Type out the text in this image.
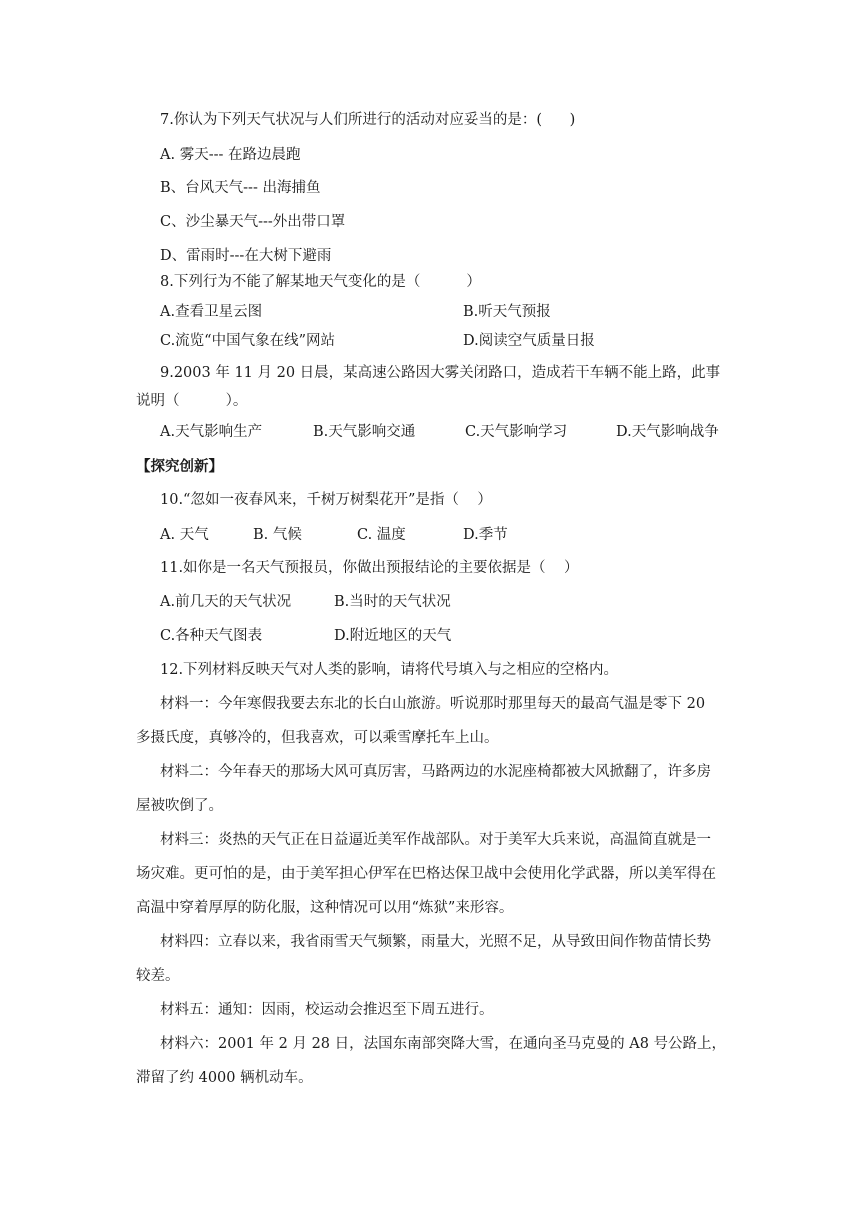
7.你认为下列天气状况与人们所进行的活动对应妥当的是：(      )
A. 雾天--- 在路边晨跑
B、台风天气--- 出海捕鱼
C、沙尘暴天气---外出带口罩
D、雷雨时---在大树下避雨
8.下列行为不能了解某地天气变化的是（          ）
A.查看卫星云图	B.听天气预报
C.流览“中国气象在线”网站	D.阅读空气质量日报
9.2003 年 11 月 20 日晨，某高速公路因大雾关闭路口，造成若干车辆不能上路，此事
说明（          ）。
A.天气影响生产	B.天气影响交通	C.天气影响学习	D.天气影响战争
【探究创新】
10.“忽如一夜春风来，千树万树梨花开”是指（    ）
A. 天气	B. 气候	C. 温度	D.季节
11.如你是一名天气预报员，你做出预报结论的主要依据是（    ）
A.前几天的天气状况	B.当时的天气状况
C.各种天气图表	D.附近地区的天气
12.下列材料反映天气对人类的影响，请将代号填入与之相应的空格内。
材料一：今年寒假我要去东北的长白山旅游。听说那时那里每天的最高气温是零下 20
多摄氏度，真够冷的，但我喜欢，可以乘雪摩托车上山。
材料二：今年春天的那场大风可真厉害，马路两边的水泥座椅都被大风掀翻了，许多房
屋被吹倒了。
材料三：炎热的天气正在日益逼近美军作战部队。对于美军大兵来说，高温简直就是一
场灾难。更可怕的是，由于美军担心伊军在巴格达保卫战中会使用化学武器，所以美军得在
高温中穿着厚厚的防化服，这种情况可以用“炼狱”来形容。
材料四：立春以来，我省雨雪天气频繁，雨量大，光照不足，从导致田间作物苗情长势
较差。
材料五：通知：因雨，校运动会推迟至下周五进行。
材料六：2001 年 2 月 28 日，法国东南部突降大雪，在通向圣马克曼的 A8 号公路上，
滞留了约 4000 辆机动车。
